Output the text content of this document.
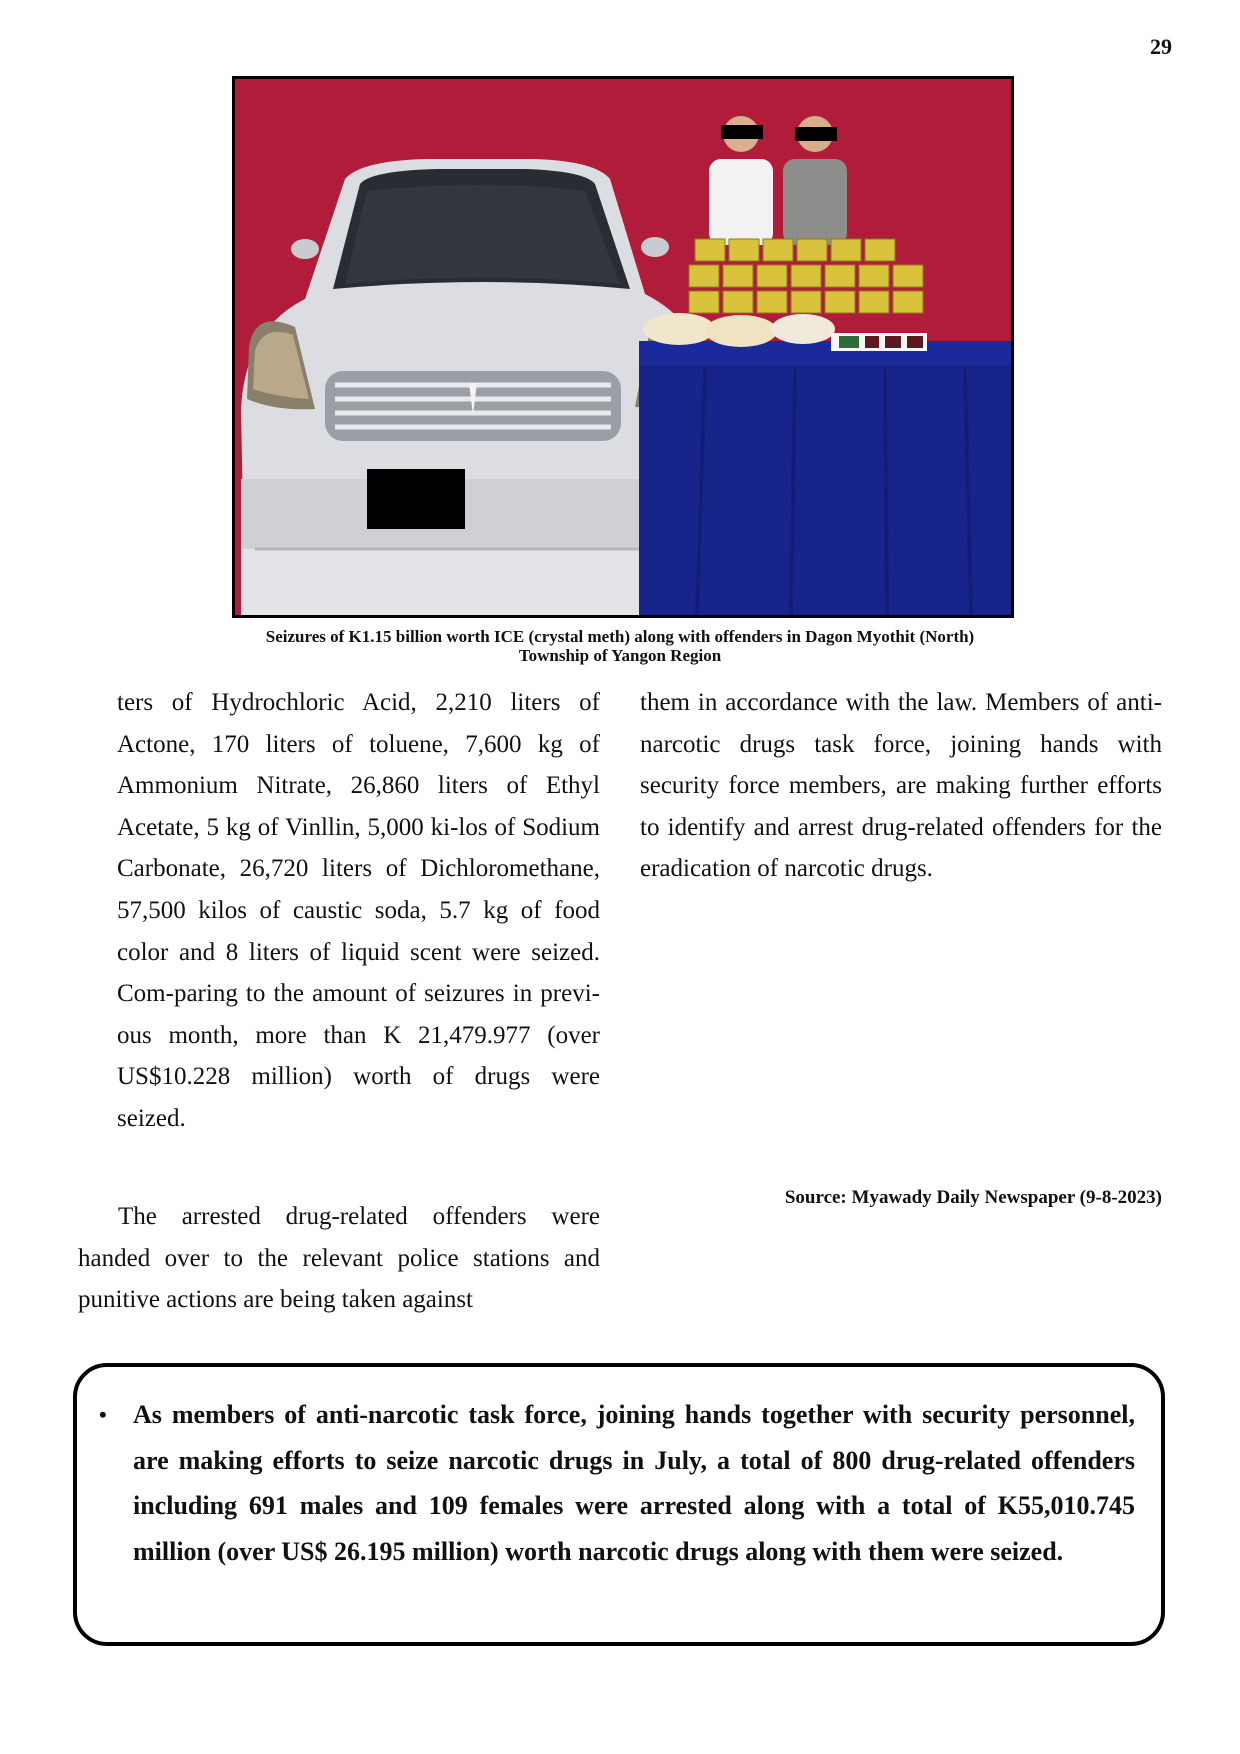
29
Seizures of K1.15 billion worth ICE (crystal meth) along with offenders in Dagon Myothit (North)
Township of Yangon Region

ters of Hydrochloric Acid, 2,210 liters of Actone, 170 liters of toluene, 7,600 kg of Ammonium Nitrate, 26,860 liters of Ethyl Acetate, 5 kg of Vinllin, 5,000 ki-los of Sodium Carbonate, 26,720 liters of Dichloromethane, 57,500 kilos of caustic soda, 5.7 kg of food color and 8 liters of liquid scent were seized. Com-paring to the amount of seizures in previ-ous month, more than K 21,479.977 (over US$10.228 million) worth of drugs were seized.

The arrested drug-related offenders were handed over to the relevant police stations and punitive actions are being taken against

them in accordance with the law. Members of anti-narcotic drugs task force, joining hands with security force members, are making further efforts to identify and arrest drug-related offenders for the eradication of narcotic drugs.

Source: Myawady Daily Newspaper (9-8-2023)
• As members of anti-narcotic task force, joining hands together with security personnel, are making efforts to seize narcotic drugs in July, a total of 800 drug-related offenders including 691 males and 109 females were arrested along with a total of K55,010.745 million (over US$ 26.195 million) worth narcotic drugs along with them were seized.
